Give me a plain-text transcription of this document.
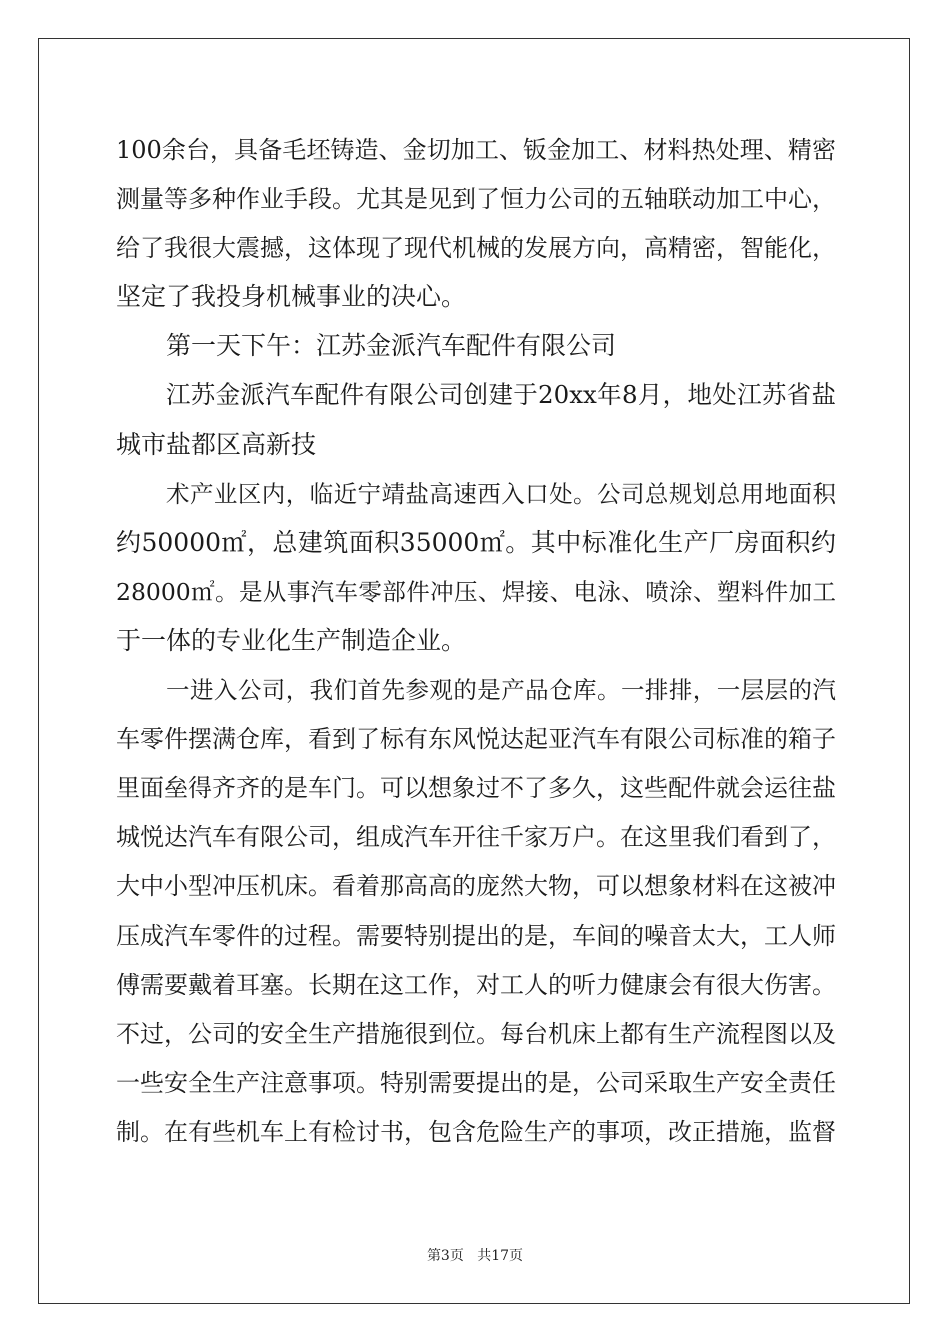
100余台，具备毛坯铸造、金切加工、钣金加工、材料热处理、精密
测量等多种作业手段。尤其是见到了恒力公司的五轴联动加工中心，
给了我很大震撼，这体现了现代机械的发展方向，高精密，智能化，
坚定了我投身机械事业的决心。
第一天下午：江苏金派汽车配件有限公司
江苏金派汽车配件有限公司创建于20xx年8月，地处江苏省盐
城市盐都区高新技
术产业区内，临近宁靖盐高速西入口处。公司总规划总用地面积
约50000㎡，总建筑面积35000㎡。其中标准化生产厂房面积约
28000㎡。是从事汽车零部件冲压、焊接、电泳、喷涂、塑料件加工
于一体的专业化生产制造企业。
一进入公司，我们首先参观的是产品仓库。一排排，一层层的汽
车零件摆满仓库，看到了标有东风悦达起亚汽车有限公司标准的箱子
里面垒得齐齐的是车门。可以想象过不了多久，这些配件就会运往盐
城悦达汽车有限公司，组成汽车开往千家万户。在这里我们看到了，
大中小型冲压机床。看着那高高的庞然大物，可以想象材料在这被冲
压成汽车零件的过程。需要特别提出的是，车间的噪音太大，工人师
傅需要戴着耳塞。长期在这工作，对工人的听力健康会有很大伤害。
不过，公司的安全生产措施很到位。每台机床上都有生产流程图以及
一些安全生产注意事项。特别需要提出的是，公司采取生产安全责任
制。在有些机车上有检讨书，包含危险生产的事项，改正措施，监督
第3页 共17页
